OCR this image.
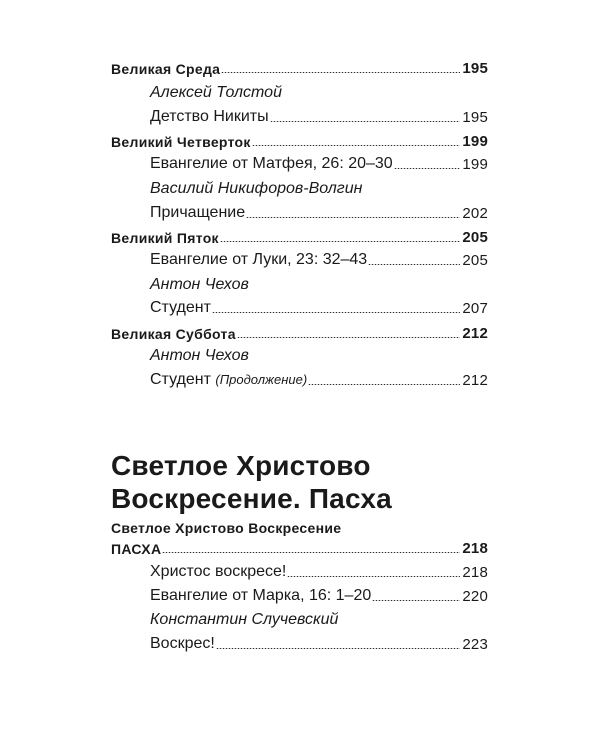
Великая Среда	195
Алексей Толстой
Детство Никиты	195
Великий Четверток	199
Евангелие от Матфея, 26: 20–30	199
Василий Никифоров-Волгин
Причащение	202
Великий Пяток	205
Евангелие от Луки, 23: 32–43	205
Антон Чехов
Студент	207
Великая Суббота	212
Антон Чехов
Студент (Продолжение)	212
Светлое Христово
Воскресение. Пасха
Светлое Христово Воскресение
ПАСХА	218
Христос воскресе!	218
Евангелие от Марка, 16: 1–20	220
Константин Случевский
Воскрес!	223
